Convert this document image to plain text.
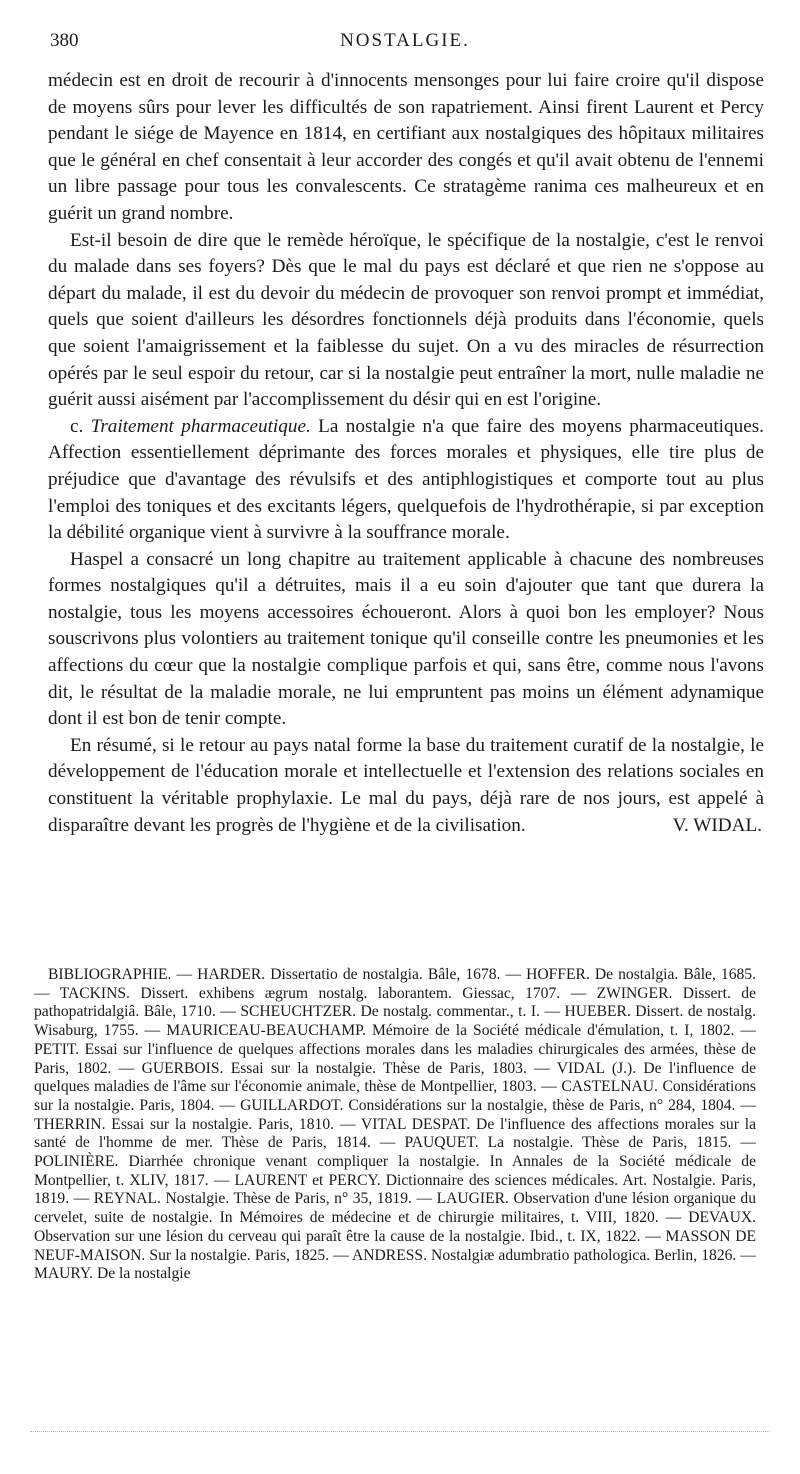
380	NOSTALGIE.

médecin est en droit de recourir à d'innocents mensonges pour lui faire croire qu'il dispose de moyens sûrs pour lever les difficultés de son rapatriement. Ainsi firent Laurent et Percy pendant le siége de Mayence en 1814, en certifiant aux nostalgiques des hôpitaux militaires que le général en chef consentait à leur accorder des congés et qu'il avait obtenu de l'ennemi un libre passage pour tous les convalescents. Ce stratagème ranima ces malheureux et en guérit un grand nombre.

Est-il besoin de dire que le remède héroïque, le spécifique de la nostalgie, c'est le renvoi du malade dans ses foyers? Dès que le mal du pays est déclaré et que rien ne s'oppose au départ du malade, il est du devoir du médecin de provoquer son renvoi prompt et immédiat, quels que soient d'ailleurs les désordres fonctionnels déjà produits dans l'économie, quels que soient l'amaigrissement et la faiblesse du sujet. On a vu des miracles de résurrection opérés par le seul espoir du retour, car si la nostalgie peut entraîner la mort, nulle maladie ne guérit aussi aisément par l'accomplissement du désir qui en est l'origine.

c. Traitement pharmaceutique. La nostalgie n'a que faire des moyens pharmaceutiques. Affection essentiellement déprimante des forces morales et physiques, elle tire plus de préjudice que d'avantage des révulsifs et des antiphlogistiques et comporte tout au plus l'emploi des toniques et des excitants légers, quelquefois de l'hydrothérapie, si par exception la débilité organique vient à survivre à la souffrance morale.

Haspel a consacré un long chapitre au traitement applicable à chacune des nombreuses formes nostalgiques qu'il a détruites, mais il a eu soin d'ajouter que tant que durera la nostalgie, tous les moyens accessoires échoueront. Alors à quoi bon les employer? Nous souscrivons plus volontiers au traitement tonique qu'il conseille contre les pneumonies et les affections du cœur que la nostalgie complique parfois et qui, sans être, comme nous l'avons dit, le résultat de la maladie morale, ne lui empruntent pas moins un élément adynamique dont il est bon de tenir compte.

En résumé, si le retour au pays natal forme la base du traitement curatif de la nostalgie, le développement de l'éducation morale et intellectuelle et l'extension des relations sociales en constituent la véritable prophylaxie. Le mal du pays, déjà rare de nos jours, est appelé à disparaître devant les progrès de l'hygiène et de la civilisation.	V. WIDAL.

BIBLIOGRAPHIE. — HARDER. Dissertatio de nostalgia. Bâle, 1678. — HOFFER. De nostalgia. Bâle, 1685. — TACKINS. Dissert. exhibens ægrum nostalg. laborantem. Giessac, 1707. — ZWINGER. Dissert. de pathopatridalgiâ. Bâle, 1710. — SCHEUCHTZER. De nostalg. commentar., t. I. — HUEBER. Dissert. de nostalg. Wisaburg, 1755. — MAURICEAU-BEAUCHAMP. Mémoire de la Société médicale d'émulation, t. I, 1802. — PETIT. Essai sur l'influence de quelques affections morales dans les maladies chirurgicales des armées, thèse de Paris, 1802. — GUERBOIS. Essai sur la nostalgie. Thèse de Paris, 1803. — VIDAL (J.). De l'influence de quelques maladies de l'âme sur l'économie animale, thèse de Montpellier, 1803. — CASTELNAU. Considérations sur la nostalgie. Paris, 1804. — GUILLARDOT. Considérations sur la nostalgie, thèse de Paris, n° 284, 1804. — THERRIN. Essai sur la nostalgie. Paris, 1810. — VITAL DESPAT. De l'influence des affections morales sur la santé de l'homme de mer. Thèse de Paris, 1814. — PAUQUET. La nostalgie. Thèse de Paris, 1815. — POLINIÈRE. Diarrhée chronique venant compliquer la nostalgie. In Annales de la Société médicale de Montpellier, t. XLIV, 1817. — LAURENT et PERCY. Dictionnaire des sciences médicales. Art. Nostalgie. Paris, 1819. — REYNAL. Nostalgie. Thèse de Paris, n° 35, 1819. — LAUGIER. Observation d'une lésion organique du cervelet, suite de nostalgie. In Mémoires de médecine et de chirurgie militaires, t. VIII, 1820. — DEVAUX. Observation sur une lésion du cerveau qui paraît être la cause de la nostalgie. Ibid., t. IX, 1822. — MASSON DE NEUF-MAISON. Sur la nostalgie. Paris, 1825. — ANDRESS. Nostalgiæ adumbratio pathologica. Berlin, 1826. — MAURY. De la nostalgie
